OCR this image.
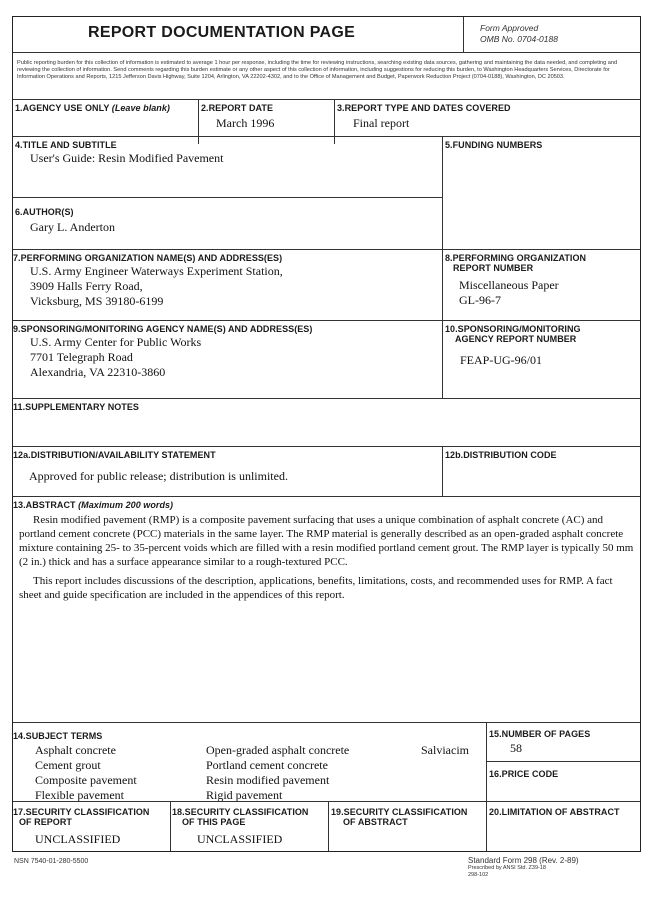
REPORT DOCUMENTATION PAGE	Form Approved
OMB No. 0704-0188
Public reporting burden for this collection of information is estimated to average 1 hour per response, including the time for reviewing instructions, searching existing data sources, gathering and maintaining the data needed, and completing and reviewing the collection of information. Send comments regarding this burden estimate or any other aspect of this collection of information, including suggestions for reducing this burden, to Washington Headquarters Services, Directorate for Information Operations and Reports, 1215 Jefferson Davis Highway, Suite 1204, Arlington, VA 22202-4302, and to the Office of Management and Budget, Paperwork Reduction Project (0704-0188), Washington, DC 20503.
1.AGENCY USE ONLY (Leave blank)	2.REPORT DATE
March 1996
3.REPORT TYPE AND DATES COVERED
Final report
4.TITLE AND SUBTITLE
User's Guide: Resin Modified Pavement
5.FUNDING NUMBERS
6.AUTHOR(S)
Gary L. Anderton
7.PERFORMING ORGANIZATION NAME(S) AND ADDRESS(ES)
U.S. Army Engineer Waterways Experiment Station,
3909 Halls Ferry Road,
Vicksburg, MS 39180-6199
8.PERFORMING ORGANIZATION
REPORT NUMBER
Miscellaneous Paper
GL-96-7
9.SPONSORING/MONITORING AGENCY NAME(S) AND ADDRESS(ES)
U.S. Army Center for Public Works
7701 Telegraph Road
Alexandria, VA 22310-3860
10.SPONSORING/MONITORING
AGENCY REPORT NUMBER
FEAP-UG-96/01
11.SUPPLEMENTARY NOTES
12a.DISTRIBUTION/AVAILABILITY STATEMENT
Approved for public release; distribution is unlimited.
12b.DISTRIBUTION CODE
13.ABSTRACT (Maximum 200 words)

Resin modified pavement (RMP) is a composite pavement surfacing that uses a unique combination of asphalt concrete (AC) and portland cement concrete (PCC) materials in the same layer. The RMP material is generally described as an open-graded asphalt concrete mixture containing 25- to 35-percent voids which are filled with a resin modified portland cement grout. The RMP layer is typically 50 mm (2 in.) thick and has a surface appearance similar to a rough-textured PCC.

This report includes discussions of the description, applications, benefits, limitations, costs, and recommended uses for RMP. A fact sheet and guide specification are included in the appendices of this report.

14.SUBJECT TERMS
Asphalt concrete
Cement grout
Composite pavement
Flexible pavement
Open-graded asphalt concrete
Portland cement concrete
Resin modified pavement
Rigid pavement
Salviacim
15.NUMBER OF PAGES
58
16.PRICE CODE
17.SECURITY CLASSIFICATION
OF REPORT
UNCLASSIFIED
18.SECURITY CLASSIFICATION
OF THIS PAGE
UNCLASSIFIED
19.SECURITY CLASSIFICATION
OF ABSTRACT
20.LIMITATION OF ABSTRACT
NSN 7540-01-280-5500	Standard Form 298 (Rev. 2-89)
Prescribed by ANSI Std. Z39-18
298-102
